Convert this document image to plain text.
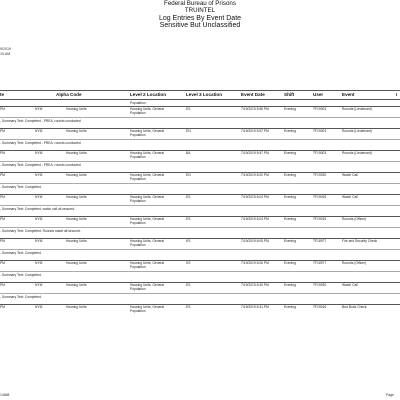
9/2019
15 AM
Federal Bureau of Prisons
TRUINTEL
Log Entries By Event Date
Sensitive But Unclassified
te	Alpha Code	Level 2 Location	Level 3 Location	Event Date	Shift	User	Event	I
Population
PM	NYM	Housing Units	Housing Units, General	ES	7/19/2019 5:56 PM	Evening	TF19003	Rounds (Lieutenant)
Population
- Summary Text: Completed - PREA, rounds conducted
PM	NYM	Housing Units	Housing Units, General	EN	7/19/2019 5:57 PM	Evening	TF19003	Rounds (Lieutenant)
Population
- Summary Text: Completed - PREA, rounds conducted
PM	NYM	Housing Units	Housing Units, General	BA	7/19/2019 5:57 PM	Evening	TF19003	Rounds (Lieutenant)
Population
- Summary Text: Completed - PREA, rounds conducted
PM	NYM	Housing Units	Housing Units, General	EN	7/19/2019 6:00 PM	Evening	TF19030	Watch Call
Population
- Summary Text: Completed.
PM	NYM	Housing Units	Housing Units, General	ES	7/19/2019 6:04 PM	Evening	TF19015	Watch Call
Population
- Summary Text: Completed. watch call all secured.
PM	NYM	Housing Units	Housing Units, General	ES	7/19/2019 6:04 PM	Evening	TF19015	Rounds (Officer)
Population
- Summary Text: Completed. Rounds made all secured.
PM	NYM	Housing Units	Housing Units, General	KS	7/19/2019 6:05 PM	Evening	TF18977	Fire and Security Check
Population
- Summary Text: Completed.
PM	NYM	Housing Units	Housing Units, General	KS	7/19/2019 6:06 PM	Evening	TF18977	Rounds (Officer)
Population
- Summary Text: Completed.
PM	NYM	Housing Units	Housing Units, General	ES	7/19/2019 6:30 PM	Evening	TF19030	Watch Call
Population
- Summary Text: Completed.
PM	NYM	Housing Units	Housing Units, General	ES	7/19/2019 6:31 PM	Evening	TF19016	Bed Book Check
Population
14688	Page
